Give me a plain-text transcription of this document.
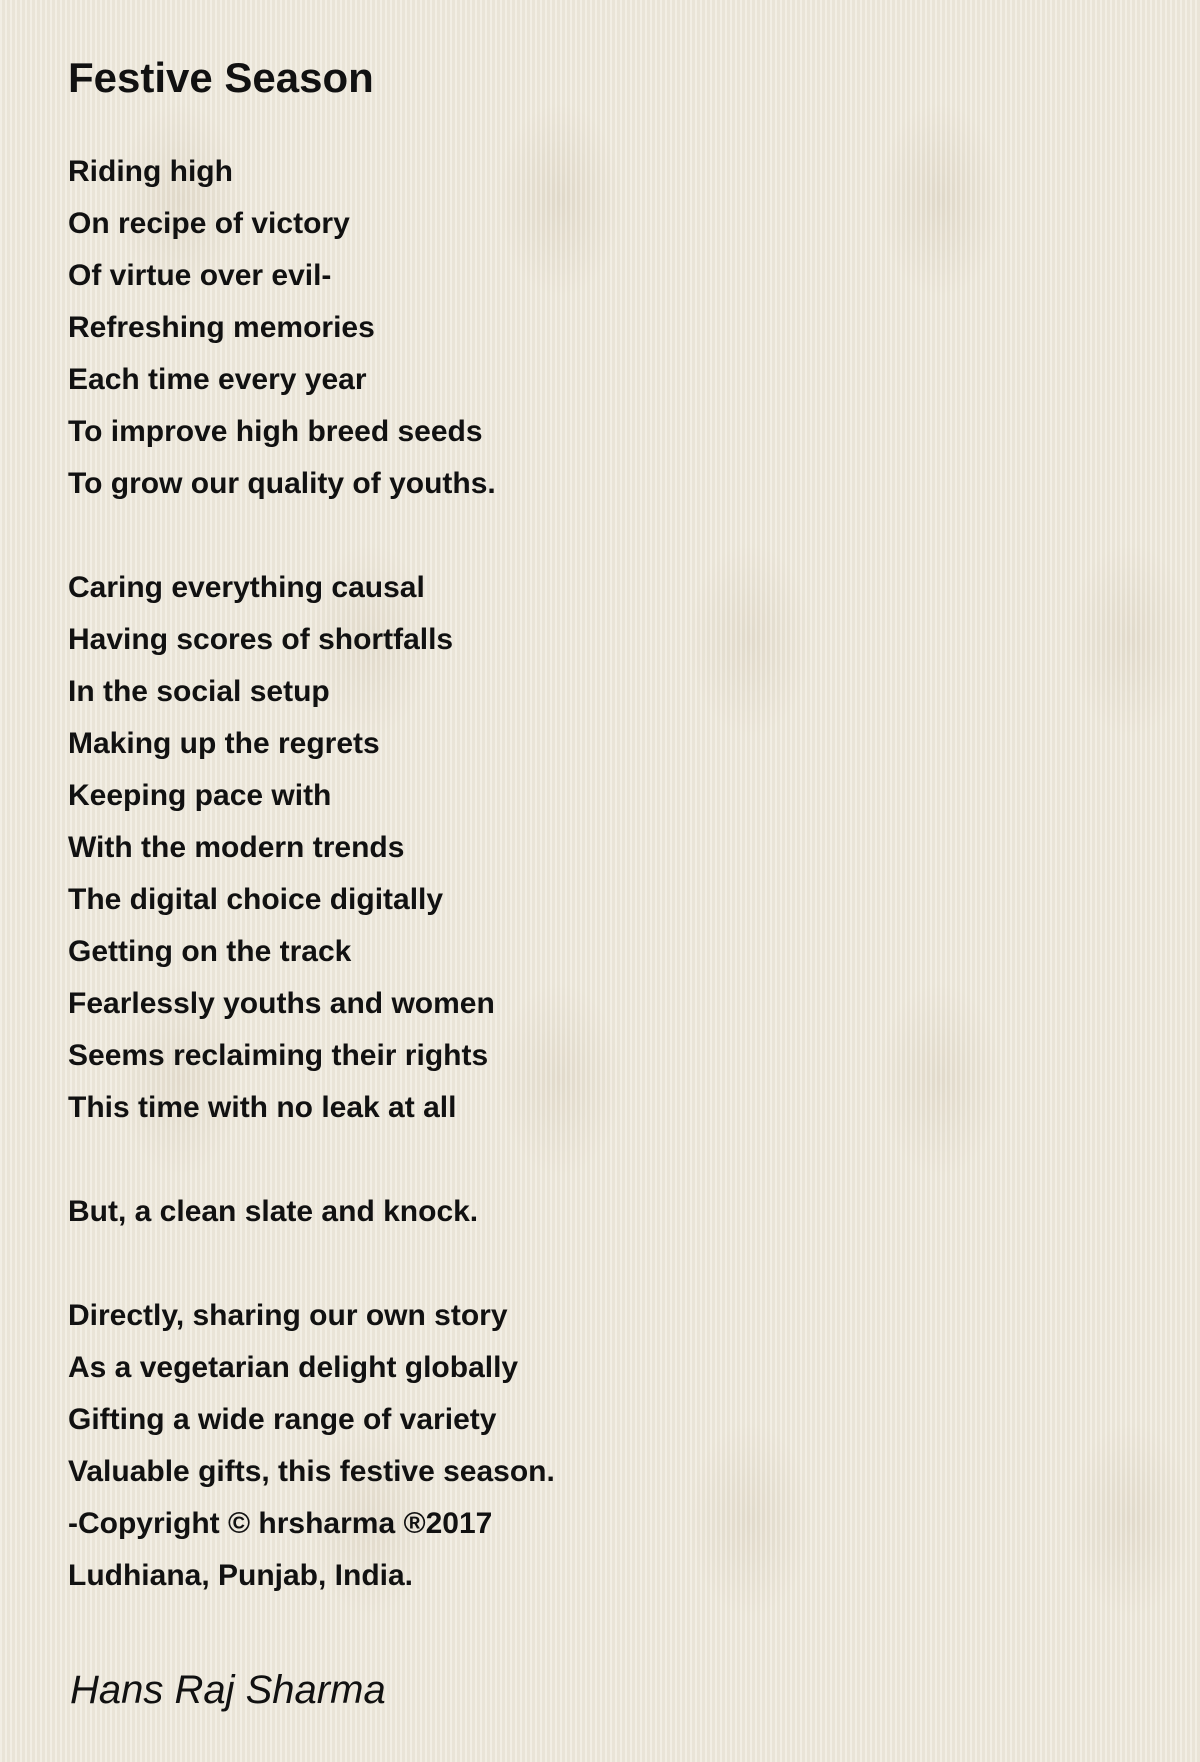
Festive Season
Riding high
On recipe of victory
Of virtue over evil-
Refreshing memories
Each time every year
To improve high breed seeds
To grow our quality of youths.
Caring everything causal
Having scores of shortfalls
In the social setup
Making up the regrets
Keeping pace with
With the modern trends
The digital choice digitally
Getting on the track
Fearlessly youths and women
Seems reclaiming their rights
This time with no leak at all
But, a clean slate and knock.
Directly, sharing our own story
As a vegetarian delight globally
Gifting a wide range of variety
Valuable gifts, this festive season.
-Copyright © hrsharma ®2017
Ludhiana, Punjab, India.
Hans Raj Sharma
